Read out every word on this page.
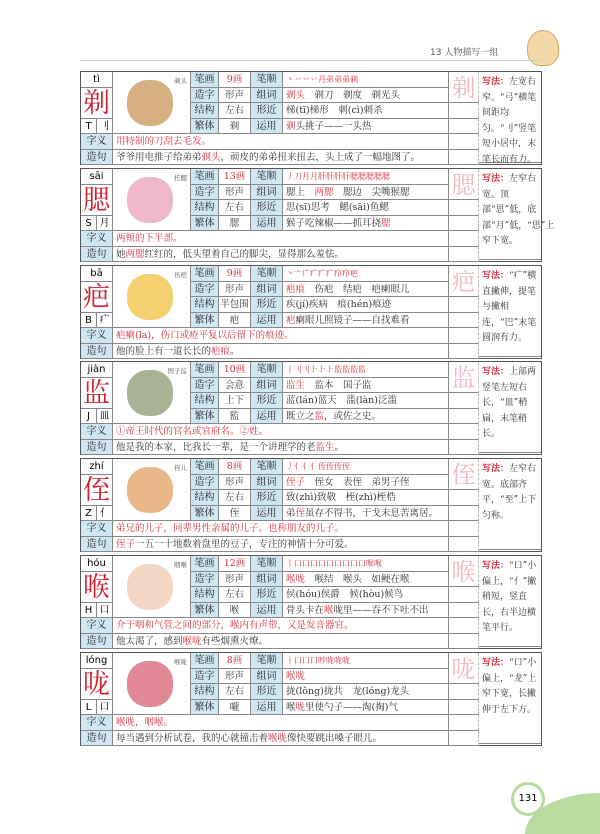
13 人物描写一组
tì
剃
T 刂
剃头 笔画	9画	笔顺	丶丷丷丷丹弟弟弟剃
造字	形声	组词	剃头　剃刀　剃度　剃光头
结构	左右	形近	梯(tī)梯形　刺(cì)刺杀
繁体	剃	运用	剃头挑子——一头热
字义	用特制的刀刮去毛发。
造句	爷爷用电推子给弟弟剃头，顽皮的弟弟扭来扭去，头上成了一幅地图了。
剃 写法：左宽右窄。“弓”横笔间距均匀。“刂”竖笔短小居中，末笔长而有力。
sāi
腮
S 月
托腮 笔画 13画	笔顺	丿刀月月肝肝肝肝腮腮腮腮腮
造字	形声	组词	腮上　两腮　腮边　尖嘴猴腮
结构	左右	形近	思(sī)思考　鳃(sāi)鱼鳃
繁体	腮	运用	猴子吃辣椒——抓耳挠腮
字义	两颊的下半部。
造句	她两腮红红的，低头望着自己的脚尖，显得那么羞怯。
腮 写法：左窄右宽。顶部“思”低，底部“月”低，“思”上窄下宽。
bā
疤
B 疒
伤疤 笔画	9画	笔顺	丶亠广疒疒疒疖疖疤
造字	形声	组词	疤痕　伤疤　结疤　疤瘌眼儿
结构 半包围 形近	疾(jí)疾病　痕(hén)痕迹
繁体	疤	运用	疤瘌眼儿照镜子——自找难看
字义	疤瘌(la)，伤口或疮平复以后留下的痕迹。
造句	他的脸上有一道长长的疤痕。
疤 写法：“疒”横直撇伸，提笔与撇相连，“巴”末笔圆润有力。
jiàn
监
J 皿
国子监 笔画 10画	笔顺	丨刂刂⺊⺊⺊监监监监
造字	会意	组词	监生　监本　国子监
结构	上下	形近	蓝(lán)蓝天　滥(làn)泛滥
繁体	監	运用	既立之监，或佐之史。
字义	①帝王时代的官名或官府名。②姓。
造句	他是我的本家，比我长一辈，是一个讲理学的老监生。
监 写法：上部两竖笔左短右长，“皿”稍扁，末笔稍长。
zhí
侄
Z 亻
侄儿 笔画	8画	笔顺	丿亻亻亻侄侄侄侄
造字	形声	组词	侄子　侄女　表侄　弟男子侄
结构	左右	形近	致(zhì)致敬　桎(zhì)桎梏
繁体	侄	运用	弟侄虽存不得书，干戈未息苦离居。
字义	弟兄的儿子，同辈男性亲属的儿子。也称朋友的儿子。
造句	侄子一五一十地数着盘里的豆子，专注的神情十分可爱。
侄 写法：左窄右宽。底部齐平，“至”上下匀称。
hóu
喉
H 口
咽喉 笔画 12画	笔顺	丨口口口口口口口口口喉喉
造字	形声	组词	喉咙　喉结　喉头　如鲠在喉
结构	左右	形近	侯(hóu)侯爵　候(hòu)候鸟
繁体	喉	运用	骨头卡在喉咙里——吞不下吐不出
字义	介于咽和气管之间的部分，喉内有声带，又是发音器官。
造句	他太渴了，感到喉咙有些烟熏火燎。
喉 写法：“口”小偏上，“亻”撇稍短，竖直长，右半边横笔平行。
lóng
咙
L 口
喉咙 笔画	8画	笔顺	丨口口口吵咙咙咙
造字	形声	组词	喉咙
结构	左右	形近	拢(lǒng)拢共　龙(lóng)龙头
繁体	嚨	运用	喉咙里使勺子——淘(掏)气
字义	喉咙，咽喉。
造句	每当遇到分析试卷，我的心就撞击着喉咙像快要跳出嗓子眼儿。
咙 写法：“口”小偏上，“龙”上窄下宽，长撇伸于左下方。
131
